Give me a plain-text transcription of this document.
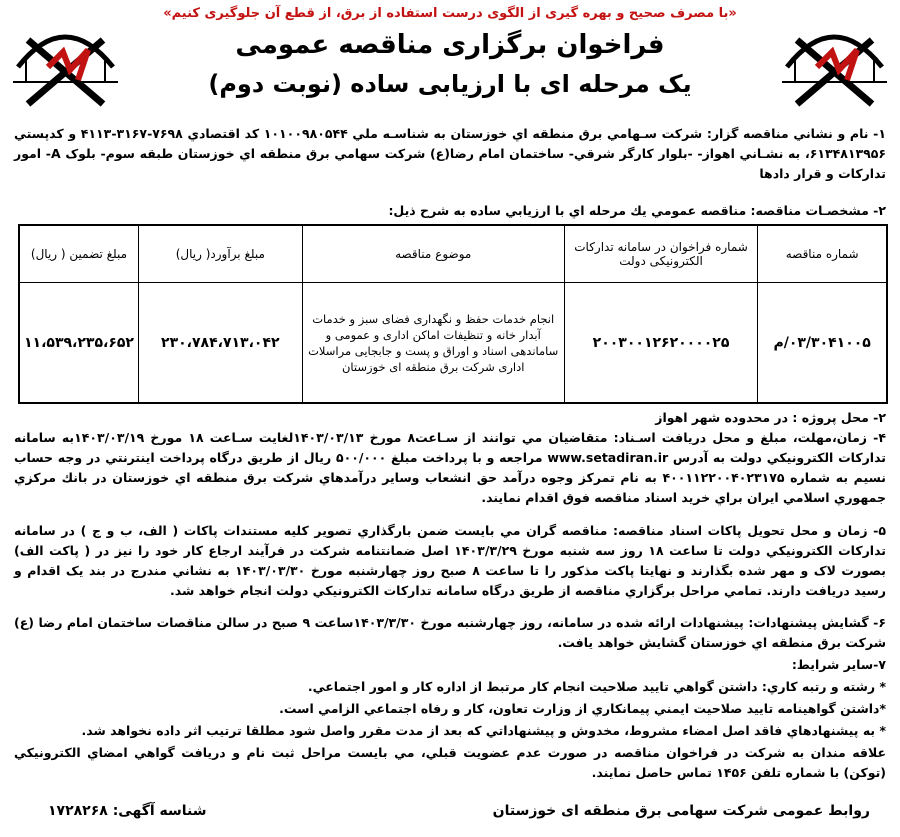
«با مصرف صحیح و بهره گیری از الگوی درست استفاده از برق، از قطع آن جلوگیری کنیم»
فراخوان برگزاری مناقصه عمومی
یک مرحله ای با ارزیابی ساده (نوبت دوم)
۱- نام و نشاني مناقصه گزار: شركت سـهامي برق منطقه اي خوزستان به شناسـه ملي ۱۰۱۰۰۹۸۰۵۴۴ كد اقتصادي ۷۶۹۸-۳۱۶۷-۴۱۱۳ و كدپستي ۶۱۳۴۸۱۳۹۵۶، به نشـاني اهواز- -بلوار كارگر شرقي- ساختمان امام رضا(ع) شركت سهامي برق منطقه اي خوزستان طبقه سوم- بلوک A- امور تداركات و قرار دادها
۲- مشخصـات مناقصه: مناقصه عمومي يك مرحله اي با ارزيابي ساده به شرح ذيل:
شماره مناقصه	شماره فراخوان در سامانه تدارکات الکترونیکی دولت	موضوع مناقصه	مبلغ برآورد( ريال)	مبلغ تضمین ( ريال)
۰۳/۳۰۴۱۰۰۵/م	۲۰۰۳۰۰۱۲۶۲۰۰۰۰۲۵	انجام خدمات حفظ و نگهداری فضای سبز و خدمات آبدار خانه و تنظیفات اماکن اداری و عمومی و ساماندهی اسناد و اوراق و پست و جابجایی مراسلات اداری شرکت برق منطقه ای خوزستان	۲۳۰،۷۸۴،۷۱۳،۰۴۲	۱۱،۵۳۹،۲۳۵،۶۵۲
۲- محل پروژه : در محدوده شهر اهواز
۴- زمان،مهلت، مبلغ و محل دريافت اسـناد: متقاضيان مي توانند از سـاعت۸ مورخ ۱۴۰۳/۰۳/۱۳لغايت سـاعت ۱۸ مورخ ۱۴۰۳/۰۳/۱۹به سامانه تداركات الكترونيكي دولت به آدرس www.setadiran.ir مراجعه و با پرداخت مبلغ ۵۰۰/۰۰۰ ريال از طريق درگاه پرداخت اينترنتي در وجه حساب نسيم به شماره ۴۰۰۱۱۲۲۰۰۴۰۲۳۱۷۵ به نام تمركز وجوه درآمد حق انشعاب وساير درآمدهاي شركت برق منطقه اي خوزستان در بانك مركزي جمهوري اسلامي ايران براي خريد اسناد مناقصه فوق اقدام نمايند.
۵- زمان و محل تحويل پاكات اسناد مناقصه: مناقصه گران مي بايست ضمن بارگذاري تصوير كليه مستندات پاكات ( الف، ب و ج ) در سامانه تداركات الكترونيكي دولت تا ساعت ۱۸ روز سه شنبه مورخ ۱۴۰۳/۳/۲۹ اصل ضمانتنامه شركت در فرآيند ارجاع كار خود را نيز در ( پاكت الف) بصورت لاک و مهر شده بگذارند و نهايتا پاكت مذكور را تا ساعت ۸ صبح روز چهارشنبه مورخ ۱۴۰۳/۰۳/۳۰ به نشاني مندرج در بند يک اقدام و رسيد دريافت دارند. تمامي مراحل برگزاري مناقصه از طريق درگاه سامانه تداركات الكترونيكي دولت انجام خواهد شد.
۶- گشايش پيشنهادات: پيشنهادات ارائه شده در سامانه، روز چهارشنبه مورخ ۱۴۰۳/۳/۳۰ساعت ۹ صبح در سالن مناقصات ساختمان امام رضا (ع) شركت برق منطقه اي خوزستان گشايش خواهد يافت.
۷-ساير شرايط:
* رشته و رتبه كاري: داشتن گواهي تاييد صلاحيت انجام كار مرتبط از اداره كار و امور اجتماعي.
*داشتن گواهينامه تاييد صلاحيت ايمني پيمانكاري از وزارت تعاون، كار و رفاه اجتماعي الزامي است.
* به پيشنهادهاي فاقد اصل امضاء مشروط، مخدوش و پيشنهاداتي كه بعد از مدت مقرر واصل شود مطلقا ترتيب اثر داده نخواهد شد.
علاقه مندان به شركت در فراخوان مناقصه در صورت عدم عضويت قبلي، مي بايست مراحل ثبت نام و دريافت گواهي امضاي الكترونيكي (توكن) با شماره تلفن ۱۴۵۶ تماس حاصل نمايند.
روابط عمومی شرکت سهامی برق منطقه ای خوزستان
شناسه آگهی: ۱۷۲۸۲۶۸
